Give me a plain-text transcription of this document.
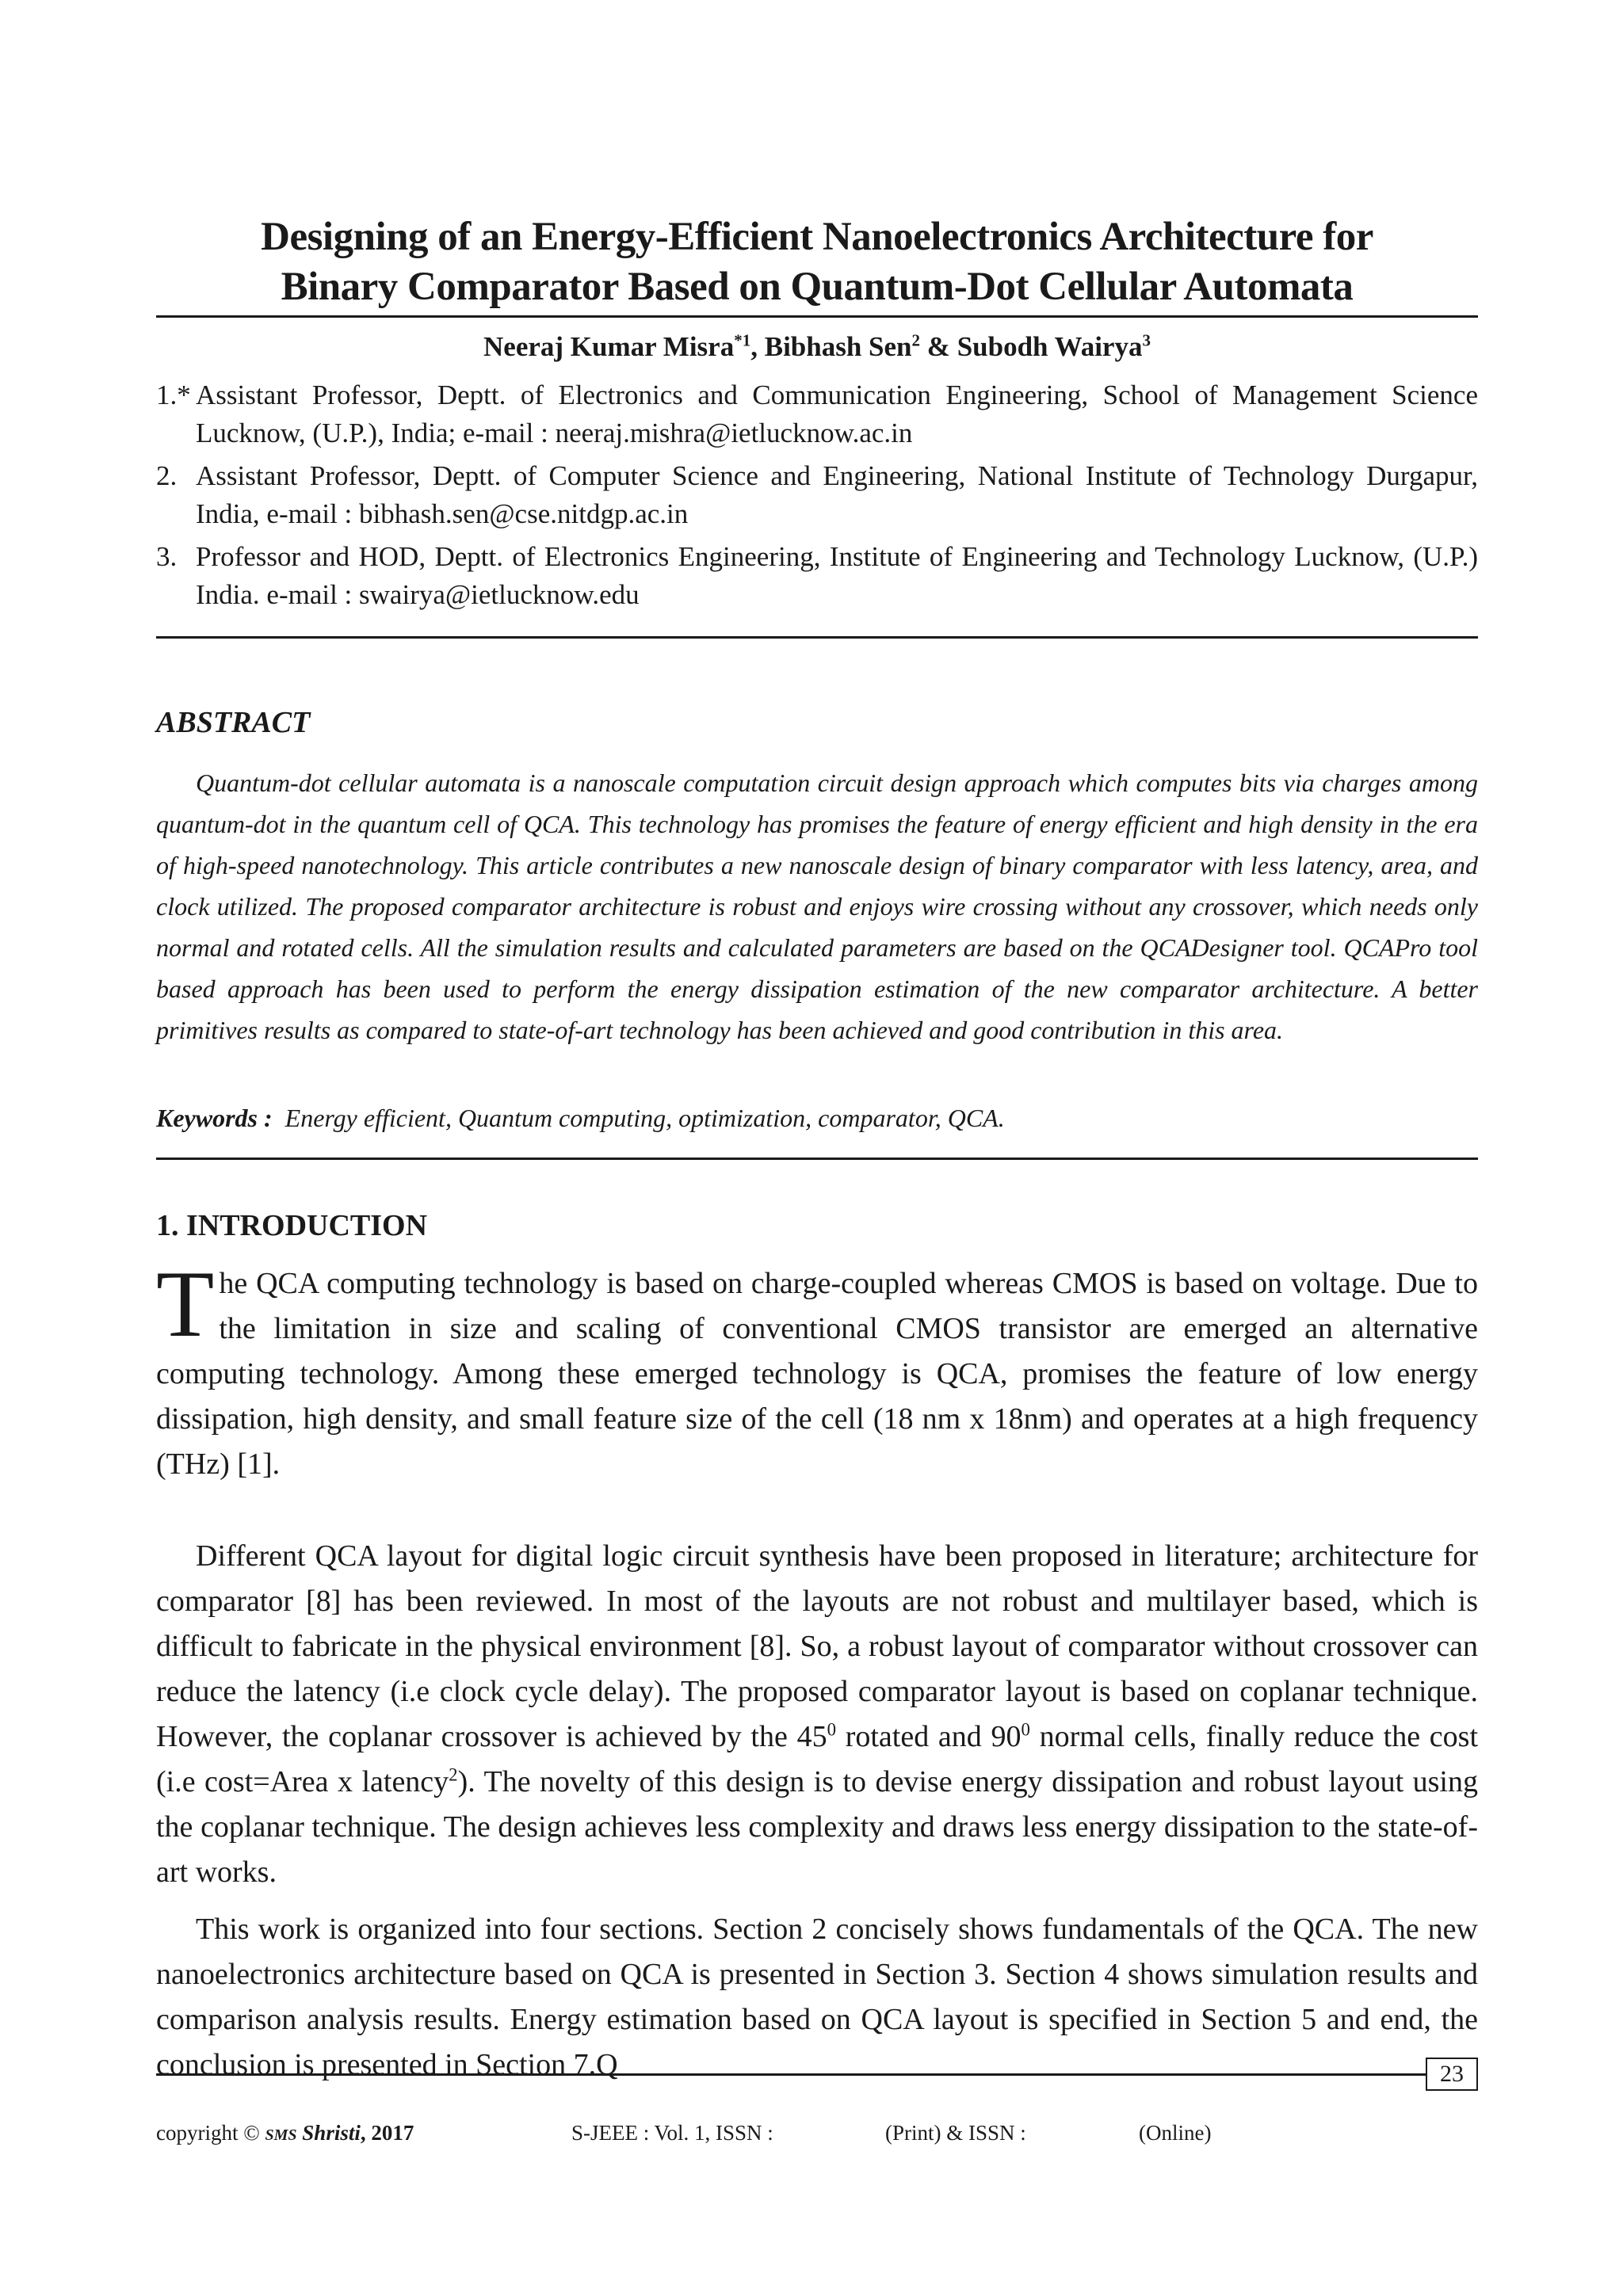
Designing of an Energy-Efficient Nanoelectronics Architecture for
Binary Comparator Based on Quantum-Dot Cellular Automata
Neeraj Kumar Misra$^{*1}$, Bibhash Sen$^2$ & Subodh Wairya$^3$
1.* Assistant Professor, Deptt. of Electronics and Communication Engineering, School of Management Science Lucknow, (U.P.), India; e-mail : neeraj.mishra@ietlucknow.ac.in
2. Assistant Professor, Deptt. of Computer Science and Engineering, National Institute of Technology Durgapur, India, e-mail : bibhash.sen@cse.nitdgp.ac.in
3. Professor and HOD, Deptt. of Electronics Engineering, Institute of Engineering and Technology Lucknow, (U.P.) India. e-mail : swairya@ietlucknow.edu
ABSTRACT
Quantum-dot cellular automata is a nanoscale computation circuit design approach which computes bits via charges among quantum-dot in the quantum cell of QCA. This technology has promises the feature of energy efficient and high density in the era of high-speed nanotechnology. This article contributes a new nanoscale design of binary comparator with less latency, area, and clock utilized. The proposed comparator architecture is robust and enjoys wire crossing without any crossover, which needs only normal and rotated cells. All the simulation results and calculated parameters are based on the QCADesigner tool. QCAPro tool based approach has been used to perform the energy dissipation estimation of the new comparator architecture. A better primitives results as compared to state-of-art technology has been achieved and good contribution in this area.
Keywords : Energy efficient, Quantum computing, optimization, comparator, QCA.
1. INTRODUCTION
The QCA computing technology is based on charge-coupled whereas CMOS is based on voltage. Due to the limitation in size and scaling of conventional CMOS transistor are emerged an alternative computing technology. Among these emerged technology is QCA, promises the feature of low energy dissipation, high density, and small feature size of the cell (18 nm x 18nm) and operates at a high frequency (THz) [1].
Different QCA layout for digital logic circuit synthesis have been proposed in literature; architecture for comparator [8] has been reviewed. In most of the layouts are not robust and multilayer based, which is difficult to fabricate in the physical environment [8]. So, a robust layout of comparator without crossover can reduce the latency (i.e clock cycle delay). The proposed comparator layout is based on coplanar technique. However, the coplanar crossover is achieved by the $45^0$ rotated and $90^0$ normal cells, finally reduce the cost (i.e cost=Area x latency$^2$). The novelty of this design is to devise energy dissipation and robust layout using the coplanar technique. The design achieves less complexity and draws less energy dissipation to the state-of-art works.
This work is organized into four sections. Section 2 concisely shows fundamentals of the QCA. The new nanoelectronics architecture based on QCA is presented in Section 3. Section 4 shows simulation results and comparison analysis results. Energy estimation based on QCA layout is specified in Section 5 and end, the conclusion is presented in Section 7.Q	23
copyright © SMS Shristi, 2017	S-JEEE : Vol. 1, ISSN :	(Print) & ISSN :	(Online)
